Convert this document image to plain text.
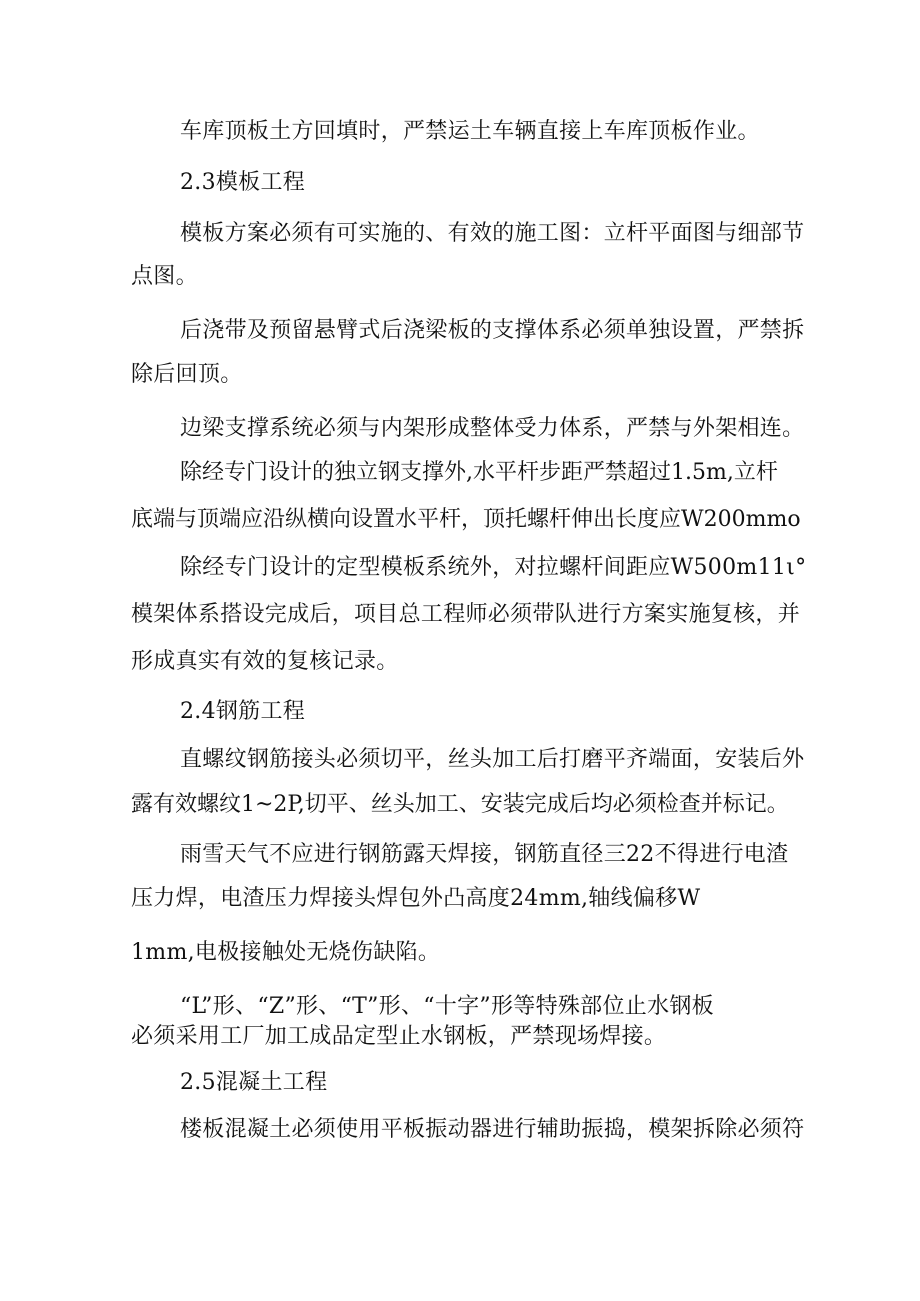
车库顶板土方回填时，严禁运土车辆直接上车库顶板作业。
2.3模板工程
模板方案必须有可实施的、有效的施工图：立杆平面图与细部节
点图。
后浇带及预留悬臂式后浇梁板的支撑体系必须单独设置，严禁拆
除后回顶。
边梁支撑系统必须与内架形成整体受力体系，严禁与外架相连。
除经专门设计的独立钢支撑外,水平杆步距严禁超过1.5m,立杆
底端与顶端应沿纵横向设置水平杆，顶托螺杆伸出长度应W200mmo
除经专门设计的定型模板系统外，对拉螺杆间距应W500m11ι°
模架体系搭设完成后，项目总工程师必须带队进行方案实施复核，并
形成真实有效的复核记录。
2.4钢筋工程
直螺纹钢筋接头必须切平，丝头加工后打磨平齐端面，安装后外
露有效螺纹1~2P,切平、丝头加工、安装完成后均必须检查并标记。
雨雪天气不应进行钢筋露天焊接，钢筋直径三22不得进行电渣
压力焊，电渣压力焊接头焊包外凸高度24mm,轴线偏移W
1mm,电极接触处无烧伤缺陷。
“L”形、“Z”形、“T”形、“十字”形等特殊部位止水钢板
必须采用工厂加工成品定型止水钢板，严禁现场焊接。
2.5混凝土工程
楼板混凝土必须使用平板振动器进行辅助振捣，模架拆除必须符
